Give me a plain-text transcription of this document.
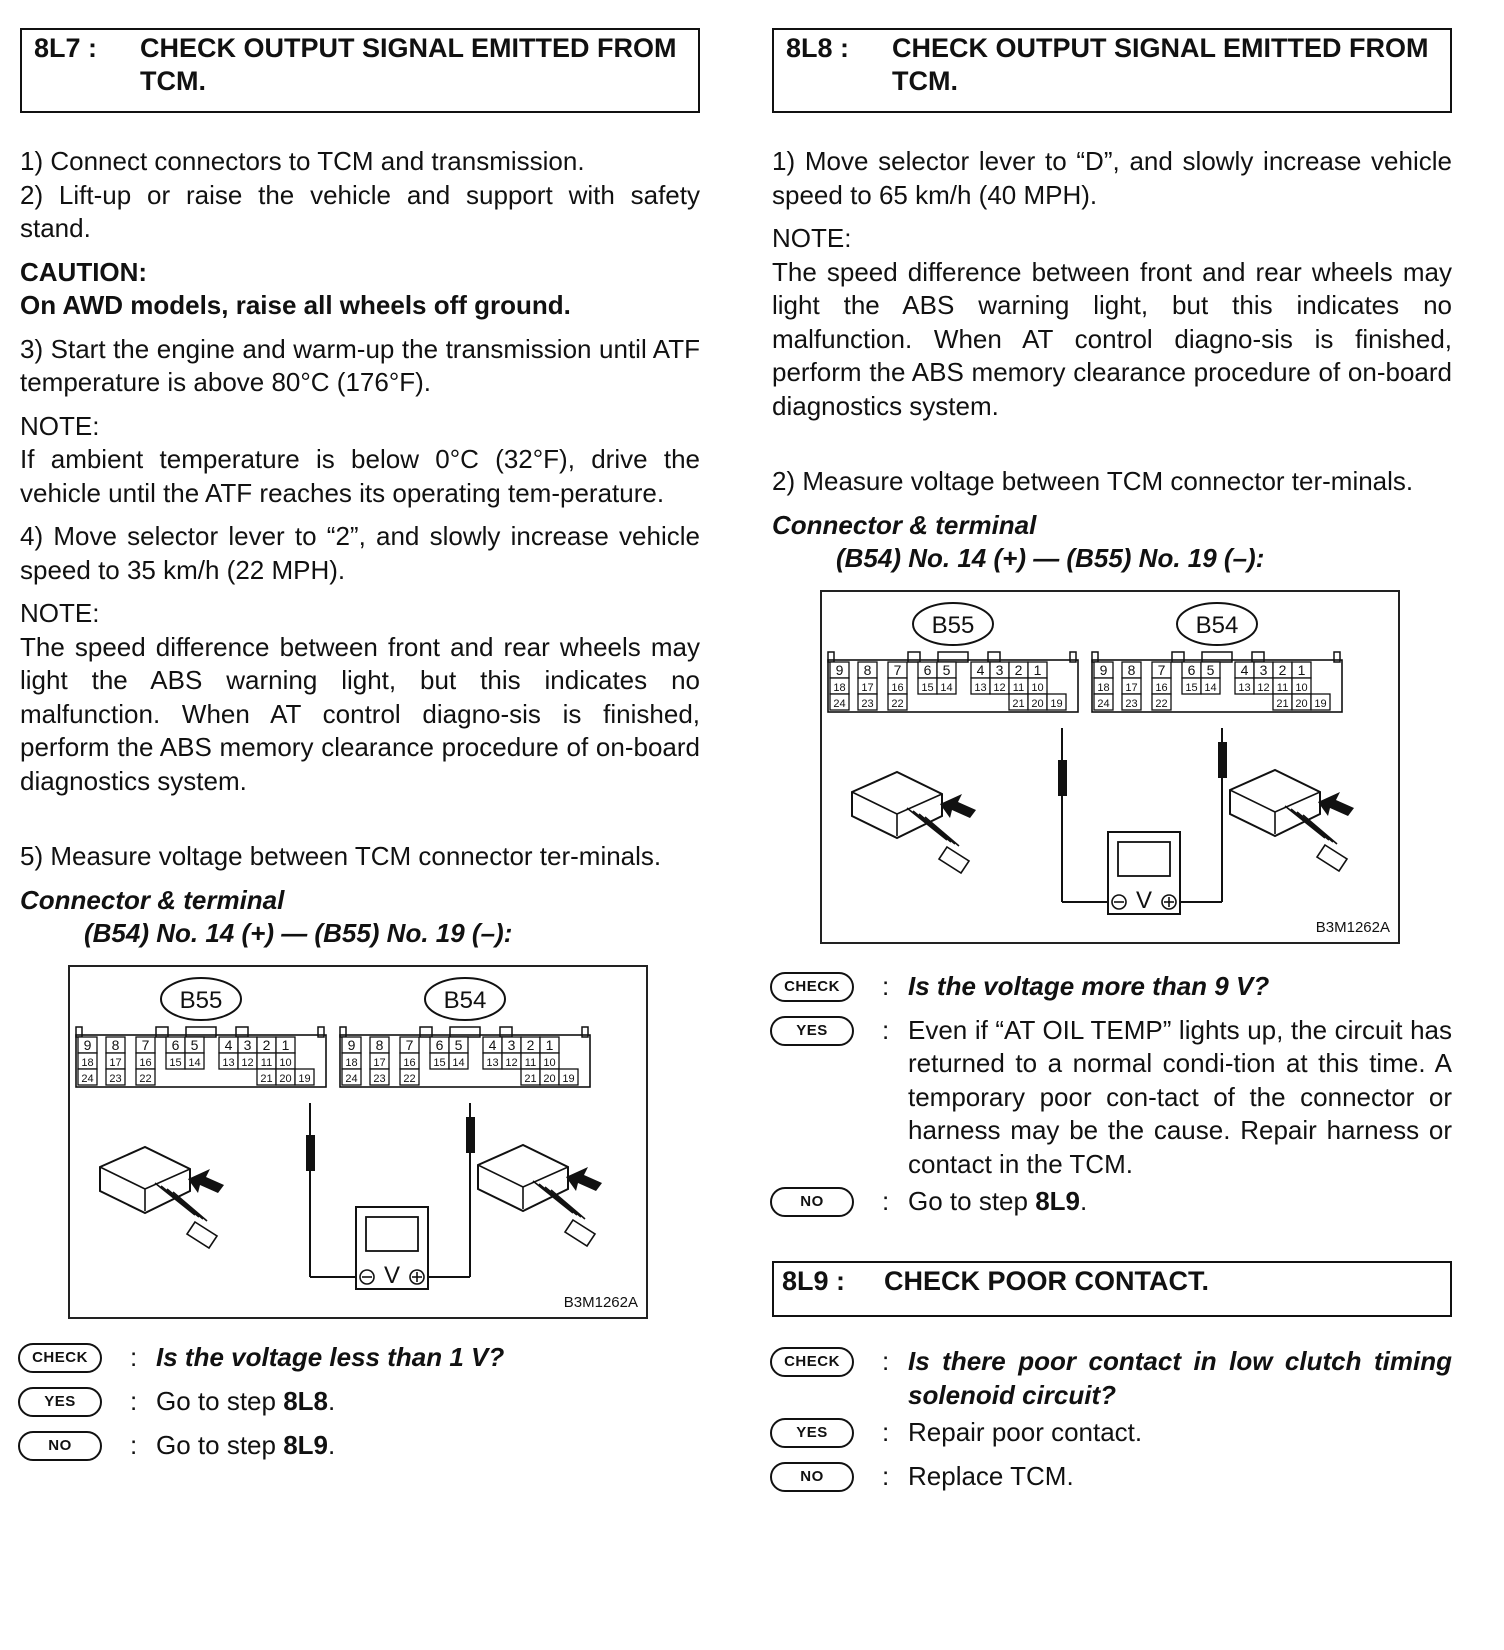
8L7 : CHECK OUTPUT SIGNAL EMITTED FROM TCM.

1) Connect connectors to TCM and transmission.

2) Lift-up or raise the vehicle and support with safety stand.

CAUTION:

On AWD models, raise all wheels off ground.

3) Start the engine and warm-up the transmission until ATF temperature is above 80°C (176°F).

NOTE:

If ambient temperature is below 0°C (32°F), drive the vehicle until the ATF reaches its operating tem-perature.

4) Move selector lever to “2”, and slowly increase vehicle speed to 35 km/h (22 MPH).

NOTE:

The speed difference between front and rear wheels may light the ABS warning light, but this indicates no malfunction. When AT control diagno-sis is finished, perform the ABS memory clearance procedure of on-board diagnostics system.

5) Measure voltage between TCM connector ter-minals.

Connector & terminal

(B54) No. 14 (+) — (B55) No. 19 (–):

B55
9 8 7 6 5 4 3 2 1
18 17 16 15 14 13 12 11 10
24 23 22	21 20 19
B54
9 8 7 6 5 4 3 2 1
18 17 16 15 14 13 12 11 10
24 23 22	21 20 19
V
B3M1262A
CHECK	: Is the voltage less than 1 V?
YES	: Go to step 8L8.
NO	: Go to step 8L9.
8L8 : CHECK OUTPUT SIGNAL EMITTED FROM TCM.

1) Move selector lever to “D”, and slowly increase vehicle speed to 65 km/h (40 MPH).

NOTE:

The speed difference between front and rear wheels may light the ABS warning light, but this indicates no malfunction. When AT control diagno-sis is finished, perform the ABS memory clearance procedure of on-board diagnostics system.

2) Measure voltage between TCM connector ter-minals.

Connector & terminal

(B54) No. 14 (+) — (B55) No. 19 (–):

B55
9 8 7 6 5 4 3 2 1
18 17 16 15 14 13 12 11 10
24 23 22	21 20 19
B54
9 8 7 6 5 4 3 2 1
18 17 16 15 14 13 12 11 10
24 23 22	21 20 19
V
B3M1262A
CHECK	: Is the voltage more than 9 V?
YES	: Even if “AT OIL TEMP” lights up, the circuit has returned to a normal condi-tion at this time. A temporary poor con-tact of the connector or harness may be the cause. Repair harness or contact in the TCM.
NO	: Go to step 8L9.
8L9 : CHECK POOR CONTACT.
CHECK	: Is there poor contact in low clutch timing solenoid circuit?
YES	: Repair poor contact.
NO	: Replace TCM.
